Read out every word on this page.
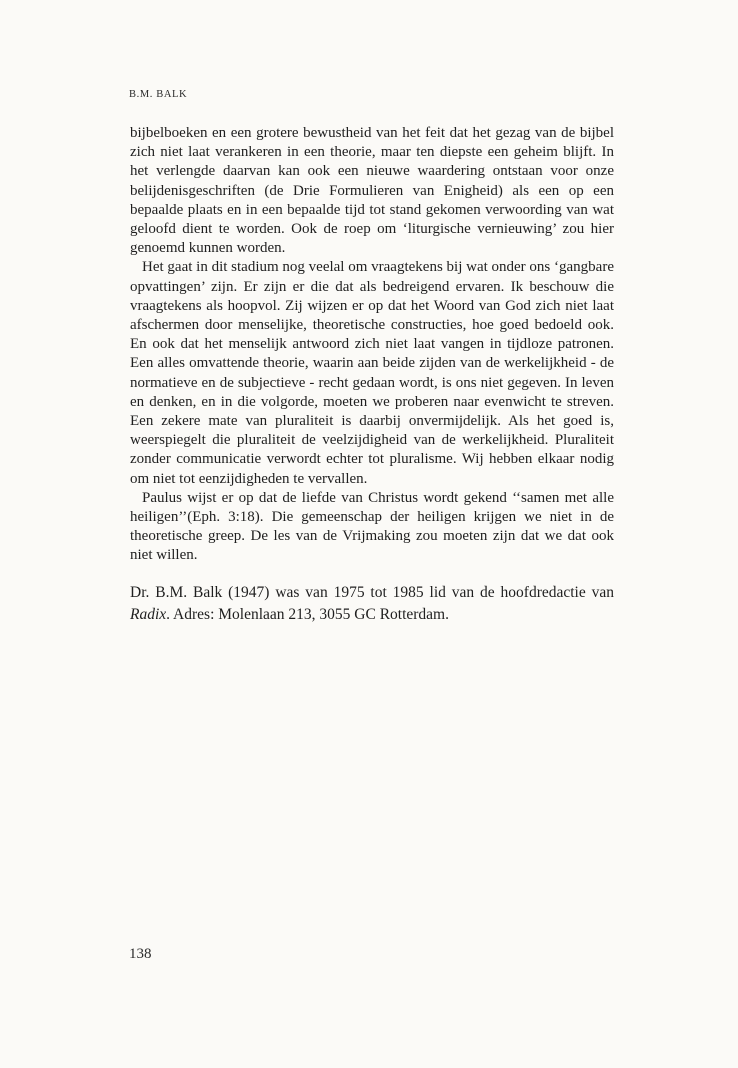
B.M. BALK

bijbelboeken en een grotere bewustheid van het feit dat het gezag van de bijbel zich niet laat verankeren in een theorie, maar ten diepste een geheim blijft. In het verlengde daarvan kan ook een nieuwe waardering ontstaan voor onze belijdenisgeschriften (de Drie Formulieren van Enigheid) als een op een bepaalde plaats en in een bepaalde tijd tot stand gekomen verwoording van wat geloofd dient te worden. Ook de roep om ‘liturgische vernieuwing’ zou hier genoemd kunnen worden.

Het gaat in dit stadium nog veelal om vraagtekens bij wat onder ons ‘gangbare opvattingen’ zijn. Er zijn er die dat als bedreigend ervaren. Ik beschouw die vraagtekens als hoopvol. Zij wijzen er op dat het Woord van God zich niet laat afschermen door menselijke, theoretische constructies, hoe goed bedoeld ook. En ook dat het menselijk antwoord zich niet laat vangen in tijdloze patronen. Een alles omvattende theorie, waarin aan beide zijden van de werkelijkheid - de normatieve en de subjectieve - recht gedaan wordt, is ons niet gegeven. In leven en denken, en in die volgorde, moeten we proberen naar evenwicht te streven. Een zekere mate van pluraliteit is daarbij onvermijdelijk. Als het goed is, weerspiegelt die pluraliteit de veelzijdigheid van de werkelijkheid. Pluraliteit zonder communicatie verwordt echter tot pluralisme. Wij hebben elkaar nodig om niet tot eenzijdigheden te vervallen.

Paulus wijst er op dat de liefde van Christus wordt gekend ‘‘samen met alle heiligen’’(Eph. 3:18). Die gemeenschap der heiligen krijgen we niet in de theoretische greep. De les van de Vrijmaking zou moeten zijn dat we dat ook niet willen.

Dr. B.M. Balk (1947) was van 1975 tot 1985 lid van de hoofdredactie van Radix. Adres: Molenlaan 213, 3055 GC Rotterdam.
138
